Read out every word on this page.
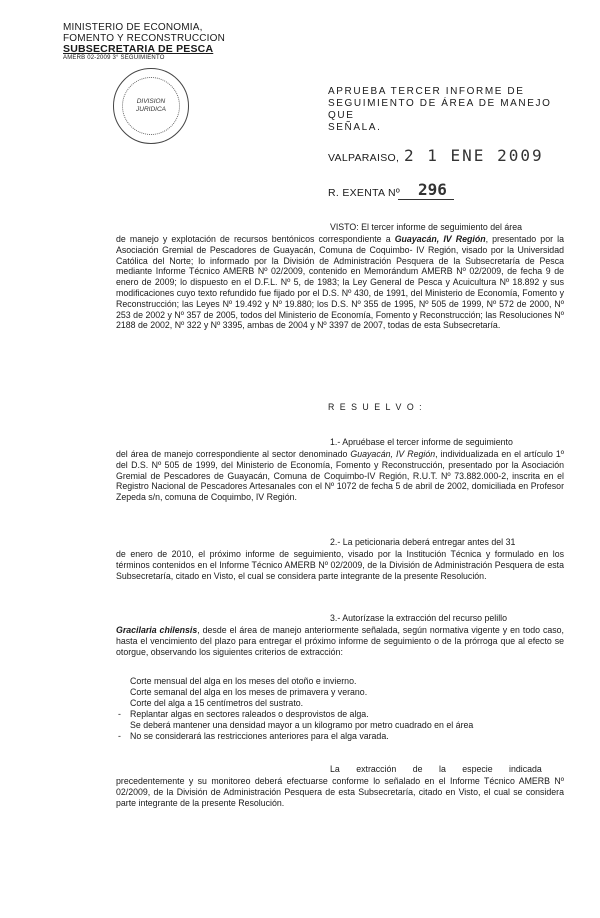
MINISTERIO DE ECONOMIA,
FOMENTO Y RECONSTRUCCION
SUBSECRETARIA DE PESCA
AMERB 02-2009 3° SEGUIMIENTO
DIVISION
JURIDICA
APRUEBA TERCER INFORME DE
SEGUIMIENTO DE ÁREA DE MANEJO QUE
SEÑALA.
VALPARAISO, 2 1 ENE 2009
R. EXENTA Nº 296
VISTO: El tercer informe de seguimiento del área
de manejo y explotación de recursos bentónicos correspondiente a Guayacán, IV Región, presentado por la Asociación Gremial de Pescadores de Guayacán, Comuna de Coquimbo- IV Región, visado por la Universidad Católica del Norte; lo informado por la División de Administración Pesquera de la Subsecretaría de Pesca mediante Informe Técnico AMERB Nº 02/2009, contenido en Memorándum AMERB Nº 02/2009, de fecha 9 de enero de 2009; lo dispuesto en el D.F.L. Nº 5, de 1983; la Ley General de Pesca y Acuicultura Nº 18.892 y sus modificaciones cuyo texto refundido fue fijado por el D.S. Nº 430, de 1991, del Ministerio de Economía, Fomento y Reconstrucción; las Leyes Nº 19.492 y Nº 19.880; los D.S. Nº 355 de 1995, Nº 505 de 1999, Nº 572 de 2000, Nº 253 de 2002 y Nº 357 de 2005, todos del Ministerio de Economía, Fomento y Reconstrucción; las Resoluciones Nº 2188 de 2002, Nº 322 y Nº 3395, ambas de 2004 y Nº 3397 de 2007, todas de esta Subsecretaría.
R E S U E L V O :
1.- Apruébase el tercer informe de seguimiento
del área de manejo correspondiente al sector denominado Guayacán, IV Región, individualizada en el artículo 1º del D.S. Nº 505 de 1999, del Ministerio de Economía, Fomento y Reconstrucción, presentado por la Asociación Gremial de Pescadores de Guayacán, Comuna de Coquimbo-IV Región, R.U.T. Nº 73.882.000-2, inscrita en el Registro Nacional de Pescadores Artesanales con el Nº 1072 de fecha 5 de abril de 2002, domiciliada en Profesor Zepeda s/n, comuna de Coquimbo, IV Región.
2.- La peticionaria deberá entregar antes del 31
de enero de 2010, el próximo informe de seguimiento, visado por la Institución Técnica y formulado en los términos contenidos en el Informe Técnico AMERB Nº 02/2009, de la División de Administración Pesquera de esta Subsecretaría, citado en Visto, el cual se considera parte integrante de la presente Resolución.
3.- Autorízase la extracción del recurso pelillo
Gracilaria chilensis, desde el área de manejo anteriormente señalada, según normativa vigente y en todo caso, hasta el vencimiento del plazo para entregar el próximo informe de seguimiento o de la prórroga que al efecto se otorgue, observando los siguientes criterios de extracción:
Corte mensual del alga en los meses del otoño e invierno.
Corte semanal del alga en los meses de primavera y verano.
Corte del alga a 15 centímetros del sustrato.
- Replantar algas en sectores raleados o desprovistos de alga.
Se deberá mantener una densidad mayor a un kilogramo por metro cuadrado en el área
- No se considerará las restricciones anteriores para el alga varada.
La extracción de la especie indicada
precedentemente y su monitoreo deberá efectuarse conforme lo señalado en el Informe Técnico AMERB Nº 02/2009, de la División de Administración Pesquera de esta Subsecretaría, citado en Visto, el cual se considera parte integrante de la presente Resolución.
